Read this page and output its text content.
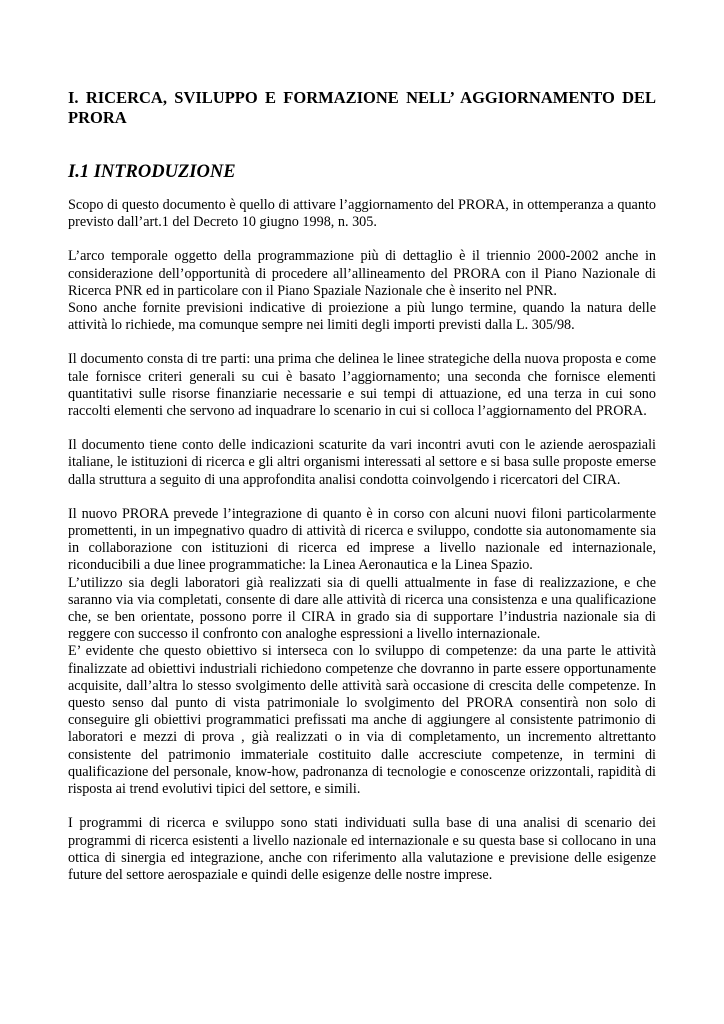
I. RICERCA, SVILUPPO E FORMAZIONE NELL’ AGGIORNAMENTO DEL PRORA
I.1 INTRODUZIONE

Scopo di questo documento è quello di attivare l’aggiornamento del PRORA, in ottemperanza a quanto previsto dall’art.1 del Decreto 10 giugno 1998, n. 305.

L’arco temporale oggetto della programmazione più di dettaglio è il triennio 2000-2002 anche in considerazione dell’opportunità di procedere all’allineamento del PRORA con il Piano Nazionale di Ricerca PNR ed in particolare con il Piano Spaziale Nazionale che è inserito nel PNR.

Sono anche fornite previsioni indicative di proiezione a più lungo termine, quando la natura delle attività lo richiede, ma comunque sempre nei limiti degli importi previsti dalla L. 305/98.

Il documento consta di tre parti: una prima che delinea le linee strategiche della nuova proposta e come tale fornisce criteri generali su cui è basato l’aggiornamento; una seconda che fornisce elementi quantitativi sulle risorse finanziarie necessarie e sui tempi di attuazione, ed una terza in cui sono raccolti elementi che servono ad inquadrare lo scenario in cui si colloca l’aggiornamento del PRORA.

Il documento tiene conto delle indicazioni scaturite da vari incontri avuti con le aziende aerospaziali italiane, le istituzioni di ricerca e gli altri organismi interessati al settore e si basa sulle proposte emerse dalla struttura a seguito di una approfondita analisi condotta coinvolgendo i ricercatori del CIRA.

Il nuovo PRORA prevede l’integrazione di quanto è in corso con alcuni nuovi filoni particolarmente promettenti, in un impegnativo quadro di attività di ricerca e sviluppo, condotte sia autonomamente sia in collaborazione con istituzioni di ricerca ed imprese a livello nazionale ed internazionale, riconducibili a due linee programmatiche: la Linea Aeronautica e la Linea Spazio.

L’utilizzo sia degli laboratori già realizzati sia di quelli attualmente in fase di realizzazione, e che saranno via via completati, consente di dare alle attività di ricerca una consistenza e una qualificazione che, se ben orientate, possono porre il CIRA in grado sia di supportare l’industria nazionale sia di reggere con successo il confronto con analoghe espressioni a livello internazionale.

E’ evidente che questo obiettivo si interseca con lo sviluppo di competenze: da una parte le attività finalizzate ad obiettivi industriali richiedono competenze che dovranno in parte essere opportunamente acquisite, dall’altra lo stesso svolgimento delle attività sarà occasione di crescita delle competenze. In questo senso dal punto di vista patrimoniale lo svolgimento del PRORA consentirà non solo di conseguire gli obiettivi programmatici prefissati ma anche di aggiungere al consistente patrimonio di laboratori e mezzi di prova , già realizzati o in via di completamento, un incremento altrettanto consistente del patrimonio immateriale costituito dalle accresciute competenze, in termini di qualificazione del personale, know-how, padronanza di tecnologie e conoscenze orizzontali, rapidità di risposta ai trend evolutivi tipici del settore, e simili.

I programmi di ricerca e sviluppo sono stati individuati sulla base di una analisi di scenario dei programmi di ricerca esistenti a livello nazionale ed internazionale e su questa base si collocano in una ottica di sinergia ed integrazione, anche con riferimento alla valutazione e previsione delle esigenze future del settore aerospaziale e quindi delle esigenze delle nostre imprese.
